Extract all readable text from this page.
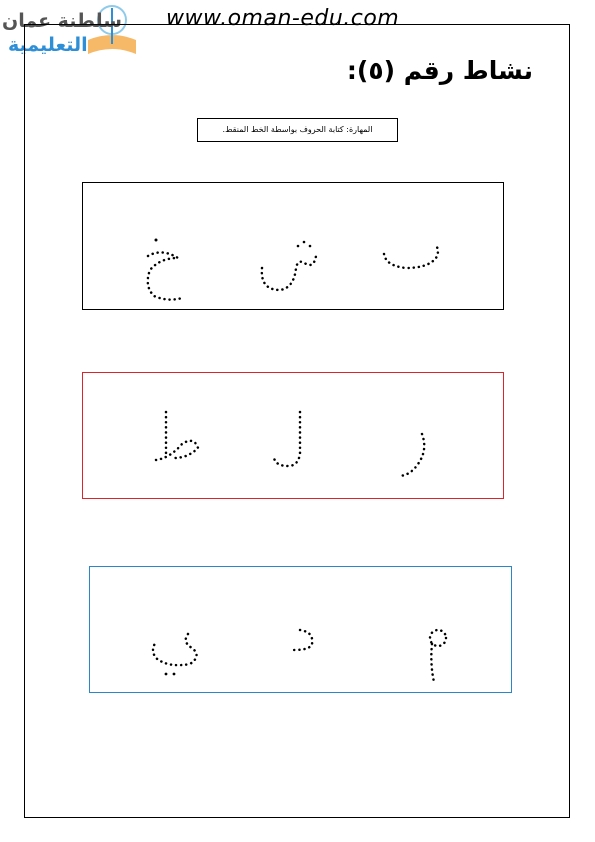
سلطنة عمان
التعليمية
www.oman-edu.com
نشاط رقم (٥):
المهارة: كتابة الحروف بواسطة الخط المنقط.
